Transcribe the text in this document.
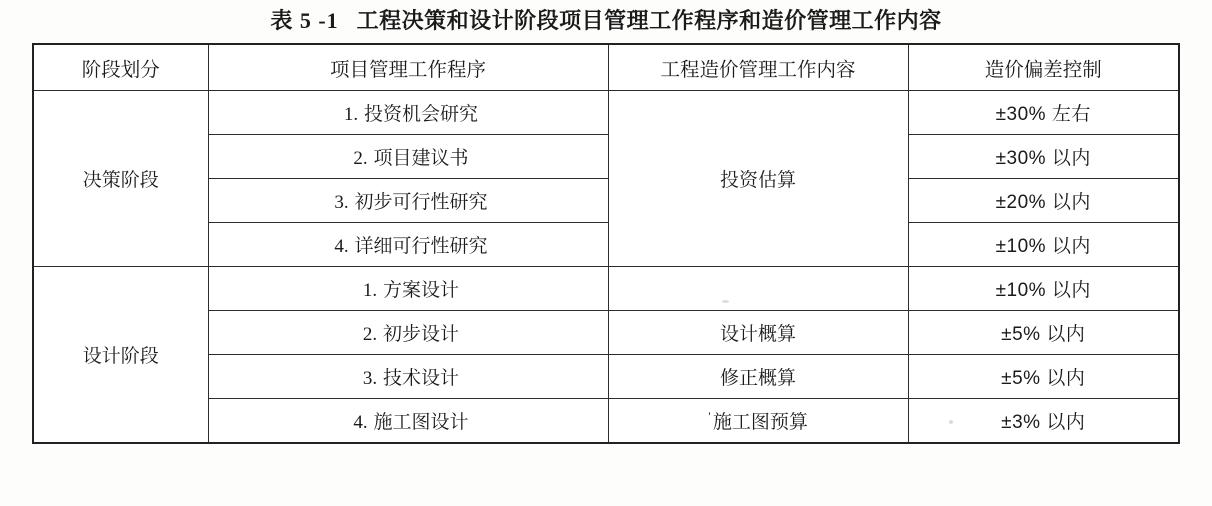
表 5 -1 工程决策和设计阶段项目管理工作程序和造价管理工作内容
阶段划分	项目管理工作程序	工程造价管理工作内容	造价偏差控制
决策阶段	1. 投资机会研究	投资估算	±30% 左右
	2. 项目建议书		±30% 以内
	3. 初步可行性研究		±20% 以内
	4. 详细可行性研究		±10% 以内
设计阶段	1. 方案设计		±10% 以内
	2. 初步设计	设计概算	±5% 以内
	3. 技术设计	修正概算	±5% 以内
	4. 施工图设计	’ 施工图预算	±3% 以内
